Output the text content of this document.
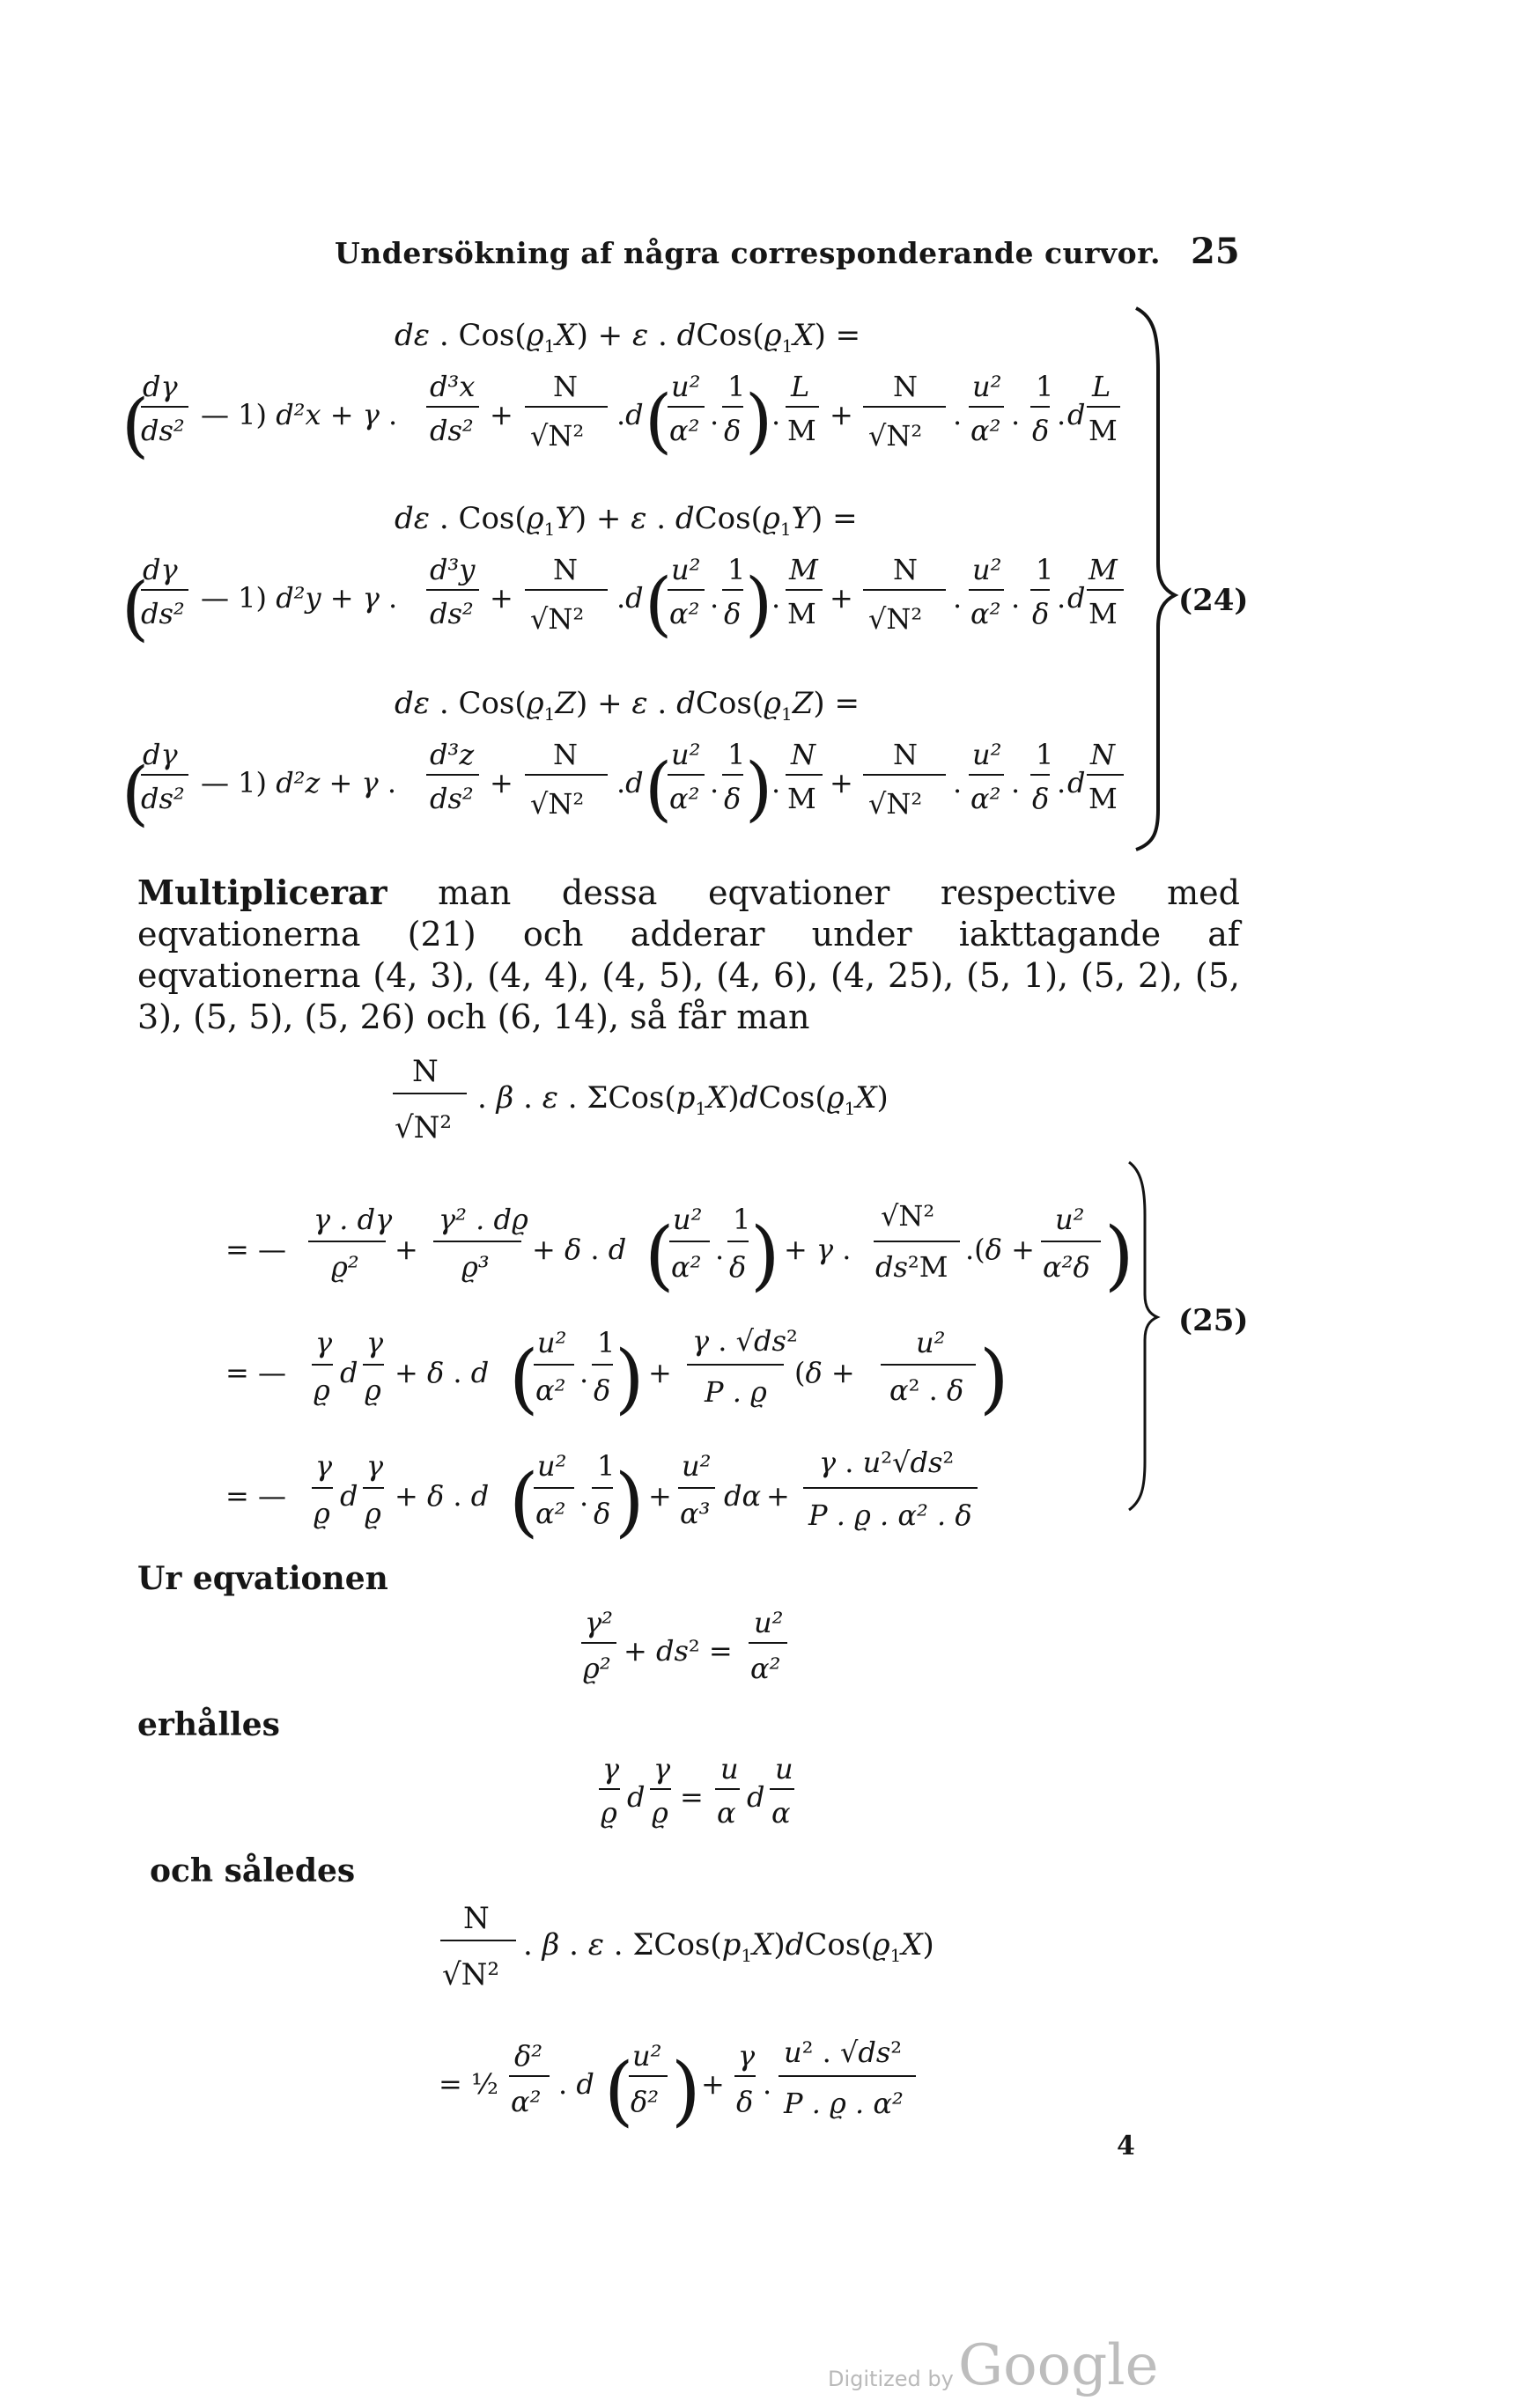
Undersökning af några corresponderande curvor. 25
dε . $Cos(ϱ_1X) + \varepsilon$ . $dCos(ϱ_1X)$ =
(
dγ
ds² — 1) d²x + γ .
d³x
ds² +
N
√N²
.d (
u²
α² .
1
δ )
.
L
M +
N
√N²
.
u²
α² .
1
δ . d
L
M
dε . $Cos(ϱ_1Y) + \varepsilon$ . $dCos(ϱ_1Y)$ =
(
dγ
ds² — 1) d²y + γ .
d³y
ds² +
N
√N²
.d (
u²
α² .
1
δ )
.
M
M +
N
√N²
.
u²
α² .
1
δ . d
M
M
dε . $Cos(ϱ_1Z) + \varepsilon$ . $dCos(ϱ_1Z)$ =
(
dγ
ds² — 1) d²z + γ .
d³z
ds² +
N
√N²
.d (
u²
α² .
1
δ )
.
N
M +
N
√N²
.
u²
α² .
1
δ . d
N
M
N
√N²
. β . ε . $\Sigma Cos(p_1X)dCos(ϱ_1X)$
= —
γ . dγ
ϱ²
+
γ² . dϱ
ϱ³
+ δ . d (
u²
α²
.
1
δ ) + γ .
√N²
ds²M
.(δ +
u²
α²δ )
= —
γ
ϱ
d
γ
ϱ
+ δ . d (
u²
α²
.
1
δ ) +
γ . √ds²
P . ϱ
(δ +
u²
α² . δ )
= —
γ
ϱ
d
γ
ϱ
+ δ . d (
u²
α²
.
1
δ ) +
u²
α³
dα +
γ . u²√ds²
P . ϱ . α² . δ
γ²
ϱ²
+ ds² =
u²
α²
γ
ϱ d
γ
ϱ =
u
α d
u
α
N
√N²
. β . ε . $\Sigma Cos(p_1X)dCos(ϱ_1X)$
= ½
δ²
α²
. d (
u²
δ² ) +
γ
δ
.
u² . √ds²
P . ϱ . α²
(24)
(25)
Multiplicerar man dessa eqvationer respective med eqvationerna (21) och adderar under iakttagande af eqvationerna (4, 3), (4, 4), (4, 5), (4, 6), (4, 25), (5, 1), (5, 2), (5, 3), (5, 5), (5, 26) och (6, 14), så får man
Ur eqvationen
erhålles
och således
4
Digitized by Google
